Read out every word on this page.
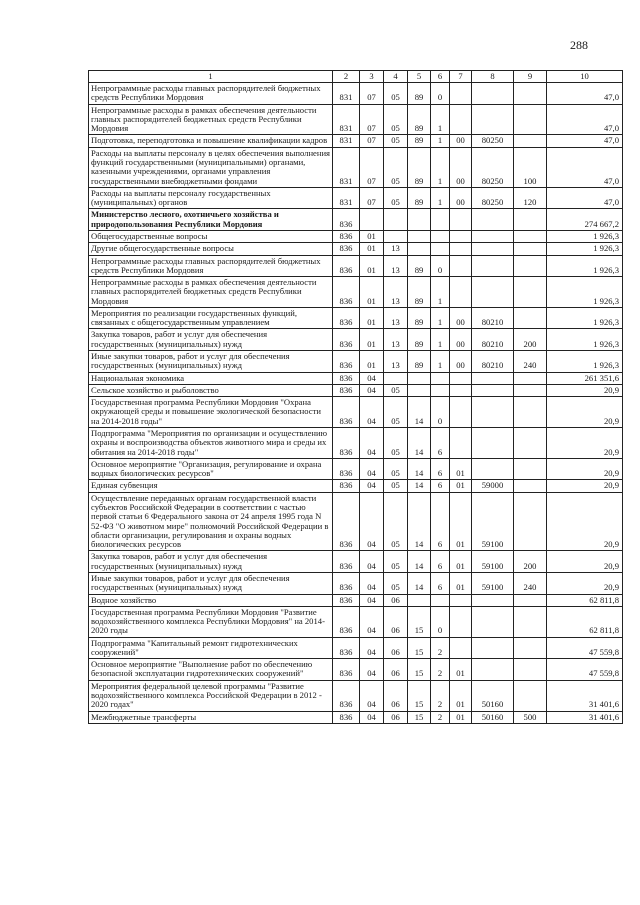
288
1	2	3	4	5	6	7	8	9	10
Непрограммные расходы главных распорядителей бюджетных средств Республики Мордовия	831	07	05	89	0				47,0
Непрограммные расходы в рамках обеспечения деятельности главных распорядителей бюджетных средств Республики Мордовия	831	07	05	89	1				47,0
Подготовка, переподготовка и повышение квалификации кадров	831	07	05	89	1	00	80250		47,0
Расходы на выплаты персоналу в целях обеспечения выполнения функций государственными (муниципальными) органами, казенными учреждениями, органами управления государственными внебюджетными фондами	831	07	05	89	1	00	80250	100	47,0
Расходы на выплаты персоналу государственных (муниципальных) органов	831	07	05	89	1	00	80250	120	47,0
Министерство лесного, охотничьего хозяйства и природопользования Республики Мордовия	836								274 667,2
Общегосударственные вопросы	836	01							1 926,3
Другие общегосударственные вопросы	836	01	13						1 926,3
Непрограммные расходы главных распорядителей бюджетных средств Республики Мордовия	836	01	13	89	0				1 926,3
Непрограммные расходы в рамках обеспечения деятельности главных распорядителей бюджетных средств Республики Мордовия	836	01	13	89	1				1 926,3
Мероприятия по реализации государственных функций, связанных с общегосударственным управлением	836	01	13	89	1	00	80210		1 926,3
Закупка товаров, работ и услуг для обеспечения государственных (муниципальных) нужд	836	01	13	89	1	00	80210	200	1 926,3
Иные закупки товаров, работ и услуг для обеспечения государственных (муниципальных) нужд	836	01	13	89	1	00	80210	240	1 926,3
Национальная экономика	836	04							261 351,6
Сельское хозяйство и рыболовство	836	04	05						20,9
Государственная программа Республики Мордовия "Охрана окружающей среды и повышение экологической безопасности на 2014-2018 годы"	836	04	05	14	0				20,9
Подпрограмма "Мероприятия по организации и осуществлению охраны и воспроизводства объектов животного мира и среды их обитания на 2014-2018 годы"	836	04	05	14	6				20,9
Основное мероприятие "Организация, регулирование и охрана водных биологических ресурсов"	836	04	05	14	6	01			20,9
Единая субвенция	836	04	05	14	6	01	59000		20,9
Осуществление переданных органам государственной власти субъектов Российской Федерации в соответствии с частью первой статьи 6 Федерального закона от 24 апреля 1995 года N 52-ФЗ "О животном мире" полномочий Российской Федерации в области организации, регулирования и охраны водных биологических ресурсов	836	04	05	14	6	01	59100		20,9
Закупка товаров, работ и услуг для обеспечения государственных (муниципальных) нужд	836	04	05	14	6	01	59100	200	20,9
Иные закупки товаров, работ и услуг для обеспечения государственных (муниципальных) нужд	836	04	05	14	6	01	59100	240	20,9
Водное хозяйство	836	04	06						62 811,8
Государственная программа Республики Мордовия "Развитие водохозяйственного комплекса Республики Мордовия" на 2014-2020 годы	836	04	06	15	0				62 811,8
Подпрограмма "Капитальный ремонт гидротехнических сооружений"	836	04	06	15	2				47 559,8
Основное мероприятие "Выполнение работ по обеспечению безопасной эксплуатации гидротехнических сооружений"	836	04	06	15	2	01			47 559,8
Мероприятия федеральной целевой программы "Развитие водохозяйственного комплекса Российской Федерации в 2012 - 2020 годах"	836	04	06	15	2	01	50160		31 401,6
Межбюджетные трансферты	836	04	06	15	2	01	50160	500	31 401,6
